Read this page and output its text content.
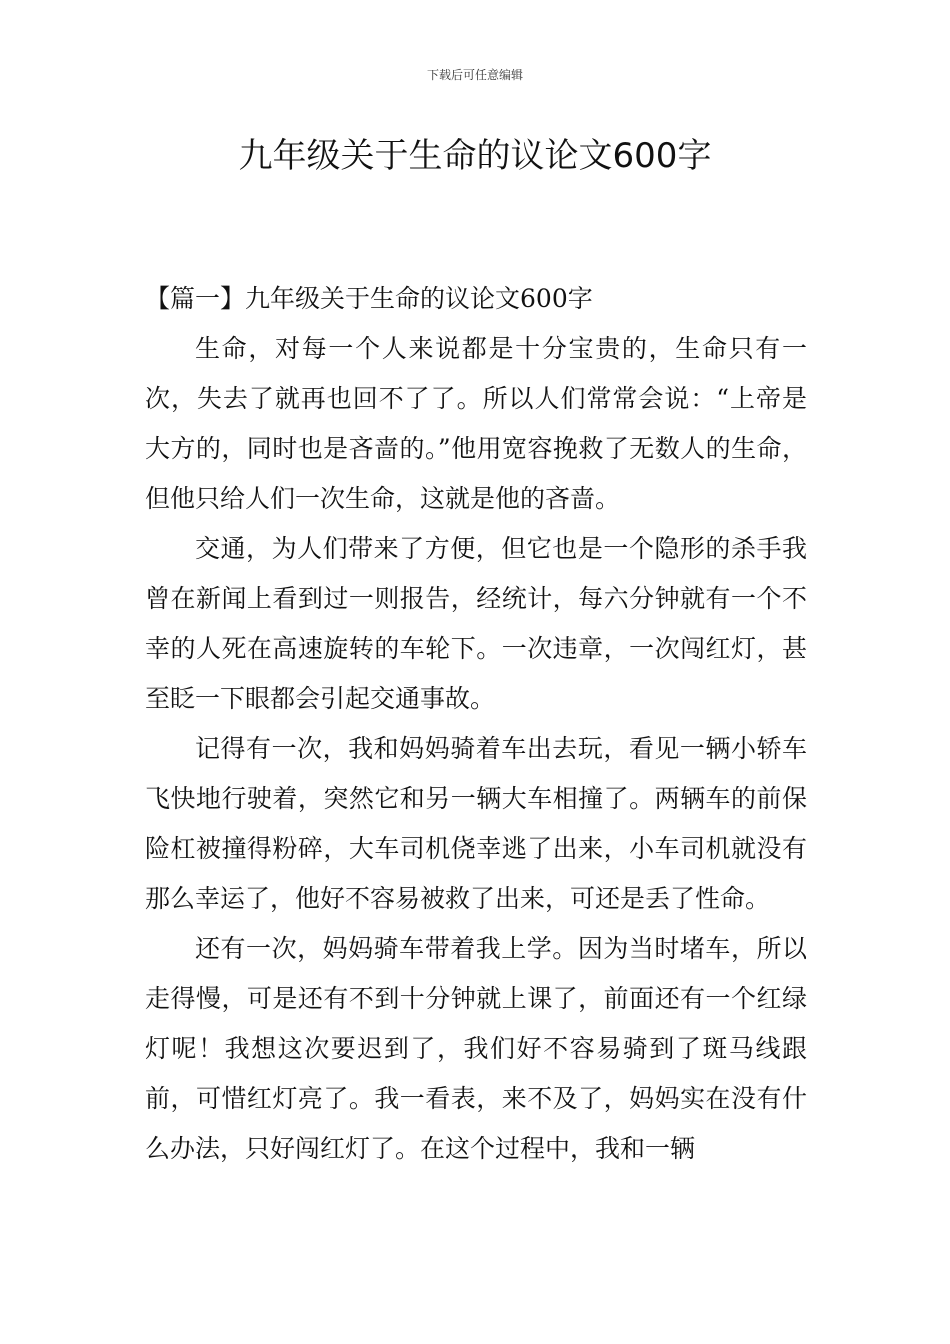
下载后可任意编辑
九年级关于生命的议论文600字
【篇一】九年级关于生命的议论文600字

生命，对每一个人来说都是十分宝贵的，生命只有一次，失去了就再也回不了了。所以人们常常会说：“上帝是大方的，同时也是吝啬的。”他用宽容挽救了无数人的生命，但他只给人们一次生命，这就是他的吝啬。

交通，为人们带来了方便，但它也是一个隐形的杀手我曾在新闻上看到过一则报告，经统计，每六分钟就有一个不幸的人死在高速旋转的车轮下。一次违章，一次闯红灯，甚至眨一下眼都会引起交通事故。

记得有一次，我和妈妈骑着车出去玩，看见一辆小轿车飞快地行驶着，突然它和另一辆大车相撞了。两辆车的前保险杠被撞得粉碎，大车司机侥幸逃了出来，小车司机就没有那么幸运了，他好不容易被救了出来，可还是丢了性命。

还有一次，妈妈骑车带着我上学。因为当时堵车，所以走得慢，可是还有不到十分钟就上课了，前面还有一个红绿灯呢！我想这次要迟到了，我们好不容易骑到了斑马线跟前，可惜红灯亮了。我一看表，来不及了，妈妈实在没有什么办法，只好闯红灯了。在这个过程中，我和一辆
